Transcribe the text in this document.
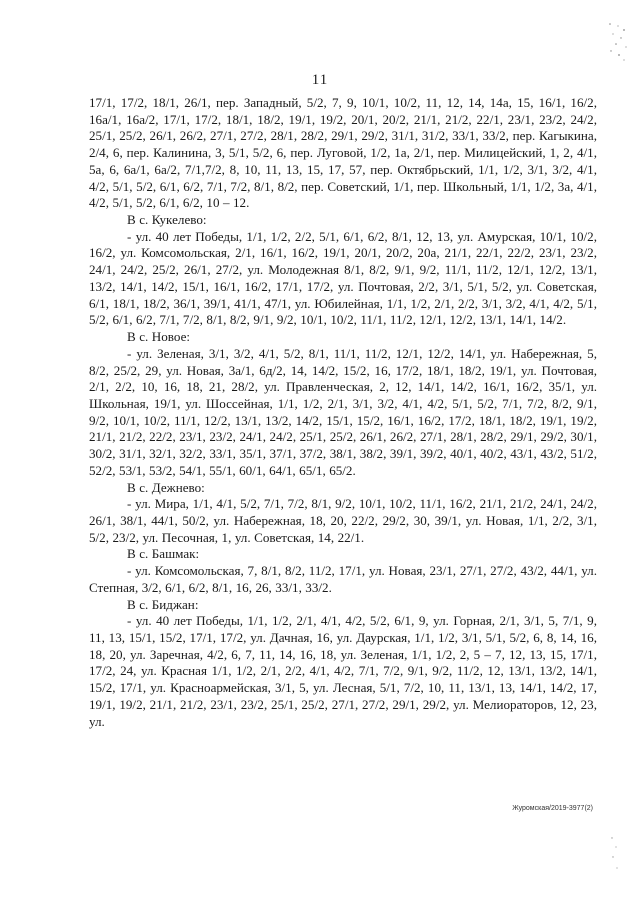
11

17/1, 17/2, 18/1, 26/1, пер. Западный, 5/2, 7, 9, 10/1, 10/2, 11, 12, 14, 14а, 15, 16/1, 16/2, 16а/1, 16а/2, 17/1, 17/2, 18/1, 18/2, 19/1, 19/2, 20/1, 20/2, 21/1, 21/2, 22/1, 23/1, 23/2, 24/2, 25/1, 25/2, 26/1, 26/2, 27/1, 27/2, 28/1, 28/2, 29/1, 29/2, 31/1, 31/2, 33/1, 33/2, пер. Кагыкина, 2/4, 6, пер. Калинина, 3, 5/1, 5/2, 6, пер. Луговой, 1/2, 1а, 2/1, пер. Милицейский, 1, 2, 4/1, 5а, 6, 6а/1, 6а/2, 7/1,7/2, 8, 10, 11, 13, 15, 17, 57, пер. Октябрьский, 1/1, 1/2, 3/1, 3/2, 4/1, 4/2, 5/1, 5/2, 6/1, 6/2, 7/1, 7/2, 8/1, 8/2, пер. Советский, 1/1, пер. Школьный, 1/1, 1/2, 3а, 4/1, 4/2, 5/1, 5/2, 6/1, 6/2, 10 – 12.

В с. Кукелево:

- ул. 40 лет Победы, 1/1, 1/2, 2/2, 5/1, 6/1, 6/2, 8/1, 12, 13, ул. Амурская, 10/1, 10/2, 16/2, ул. Комсомольская, 2/1, 16/1, 16/2, 19/1, 20/1, 20/2, 20а, 21/1, 22/1, 22/2, 23/1, 23/2, 24/1, 24/2, 25/2, 26/1, 27/2, ул. Молодежная 8/1, 8/2, 9/1, 9/2, 11/1, 11/2, 12/1, 12/2, 13/1, 13/2, 14/1, 14/2, 15/1, 16/1, 16/2, 17/1, 17/2, ул. Почтовая, 2/2, 3/1, 5/1, 5/2, ул. Советская, 6/1, 18/1, 18/2, 36/1, 39/1, 41/1, 47/1, ул. Юбилейная, 1/1, 1/2, 2/1, 2/2, 3/1, 3/2, 4/1, 4/2, 5/1, 5/2, 6/1, 6/2, 7/1, 7/2, 8/1, 8/2, 9/1, 9/2, 10/1, 10/2, 11/1, 11/2, 12/1, 12/2, 13/1, 14/1, 14/2.

В с. Новое:

- ул. Зеленая, 3/1, 3/2, 4/1, 5/2, 8/1, 11/1, 11/2, 12/1, 12/2, 14/1, ул. Набережная, 5, 8/2, 25/2, 29, ул. Новая, 3а/1, 6д/2, 14, 14/2, 15/2, 16, 17/2, 18/1, 18/2, 19/1, ул. Почтовая, 2/1, 2/2, 10, 16, 18, 21, 28/2, ул. Правленческая, 2, 12, 14/1, 14/2, 16/1, 16/2, 35/1, ул. Школьная, 19/1, ул. Шоссейная, 1/1, 1/2, 2/1, 3/1, 3/2, 4/1, 4/2, 5/1, 5/2, 7/1, 7/2, 8/2, 9/1, 9/2, 10/1, 10/2, 11/1, 12/2, 13/1, 13/2, 14/2, 15/1, 15/2, 16/1, 16/2, 17/2, 18/1, 18/2, 19/1, 19/2, 21/1, 21/2, 22/2, 23/1, 23/2, 24/1, 24/2, 25/1, 25/2, 26/1, 26/2, 27/1, 28/1, 28/2, 29/1, 29/2, 30/1, 30/2, 31/1, 32/1, 32/2, 33/1, 35/1, 37/1, 37/2, 38/1, 38/2, 39/1, 39/2, 40/1, 40/2, 43/1, 43/2, 51/2, 52/2, 53/1, 53/2, 54/1, 55/1, 60/1, 64/1, 65/1, 65/2.

В с. Дежнево:

- ул. Мира, 1/1, 4/1, 5/2, 7/1, 7/2, 8/1, 9/2, 10/1, 10/2, 11/1, 16/2, 21/1, 21/2, 24/1, 24/2, 26/1, 38/1, 44/1, 50/2, ул. Набережная, 18, 20, 22/2, 29/2, 30, 39/1, ул. Новая, 1/1, 2/2, 3/1, 5/2, 23/2, ул. Песочная, 1, ул. Советская, 14, 22/1.

В с. Башмак:

- ул. Комсомольская, 7, 8/1, 8/2, 11/2, 17/1, ул. Новая, 23/1, 27/1, 27/2, 43/2, 44/1, ул. Степная, 3/2, 6/1, 6/2, 8/1, 16, 26, 33/1, 33/2.

В с. Биджан:

- ул. 40 лет Победы, 1/1, 1/2, 2/1, 4/1, 4/2, 5/2, 6/1, 9, ул. Горная, 2/1, 3/1, 5, 7/1, 9, 11, 13, 15/1, 15/2, 17/1, 17/2, ул. Дачная, 16, ул. Даурская, 1/1, 1/2, 3/1, 5/1, 5/2, 6, 8, 14, 16, 18, 20, ул. Заречная, 4/2, 6, 7, 11, 14, 16, 18, ул. Зеленая, 1/1, 1/2, 2, 5 – 7, 12, 13, 15, 17/1, 17/2, 24, ул. Красная 1/1, 1/2, 2/1, 2/2, 4/1, 4/2, 7/1, 7/2, 9/1, 9/2, 11/2, 12, 13/1, 13/2, 14/1, 15/2, 17/1, ул. Красноармейская, 3/1, 5, ул. Лесная, 5/1, 7/2, 10, 11, 13/1, 13, 14/1, 14/2, 17, 19/1, 19/2, 21/1, 21/2, 23/1, 23/2, 25/1, 25/2, 27/1, 27/2, 29/1, 29/2, ул. Мелиораторов, 12, 23, ул.

Журомская/2019-3977(2)
